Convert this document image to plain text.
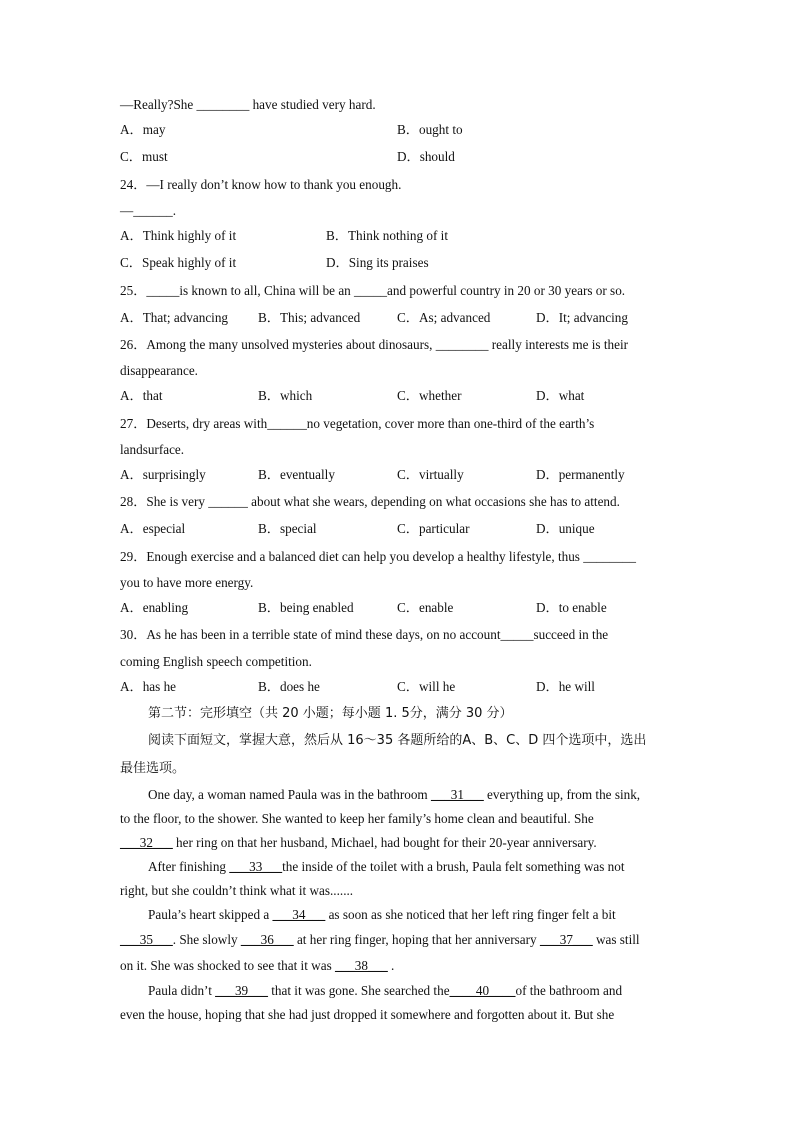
—Really?She ________ have studied very hard.
A．may	B．ought to
C．must	D．should
24．—I really don’t know how to thank you enough.
—______.
A．Think highly of it	B．Think nothing of it
C．Speak highly of it	D．Sing its praises
25．_____is known to all, China will be an _____and powerful country in 20 or 30 years or so.
A．That; advancing B．This; advanced	C．As; advanced	D．It; advancing
26．Among the many unsolved mysteries about dinosaurs, ________ really interests me is their
disappearance.
A．that	B．which	C．whether	D．what
27．Deserts, dry areas with______no vegetation, cover more than one-third of the earth’s
landsurface.
A．surprisingly	B．eventually	C．virtually	D．permanently
28．She is very ______ about what she wears, depending on what occasions she has to attend.
A．especial	B．special	C．particular	D．unique
29．Enough exercise and a balanced diet can help you develop a healthy lifestyle, thus ________
you to have more energy.
A．enabling	B．being enabled	C．enable	D．to enable
30．As he has been in a terrible state of mind these days, on no account_____succeed in the
coming English speech competition.
A．has he	B．does he	C．will he	D．he will
第二节：完形填空（共 20 小题；每小题 1. 5分，满分 30 分）
阅读下面短文，掌握大意，然后从 16～35 各题所给的A、B、C、D 四个选项中，选出
最佳选项。
One day, a woman named Paula was in the bathroom ___31___ everything up, from the sink,
to the floor, to the shower. She wanted to keep her family’s home clean and beautiful. She
___32___ her ring on that her husband, Michael, had bought for their 20-year anniversary.
After finishing ___33___the inside of the toilet with a brush, Paula felt something was not
right, but she couldn’t think what it was.......
Paula’s heart skipped a ___34___ as soon as she noticed that her left ring finger felt a bit
___35___. She slowly ___36___ at her ring finger, hoping that her anniversary ___37___ was still
on it. She was shocked to see that it was ___38___ .
Paula didn’t ___39___ that it was gone. She searched the____40____of the bathroom and
even the house, hoping that she had just dropped it somewhere and forgotten about it. But she
